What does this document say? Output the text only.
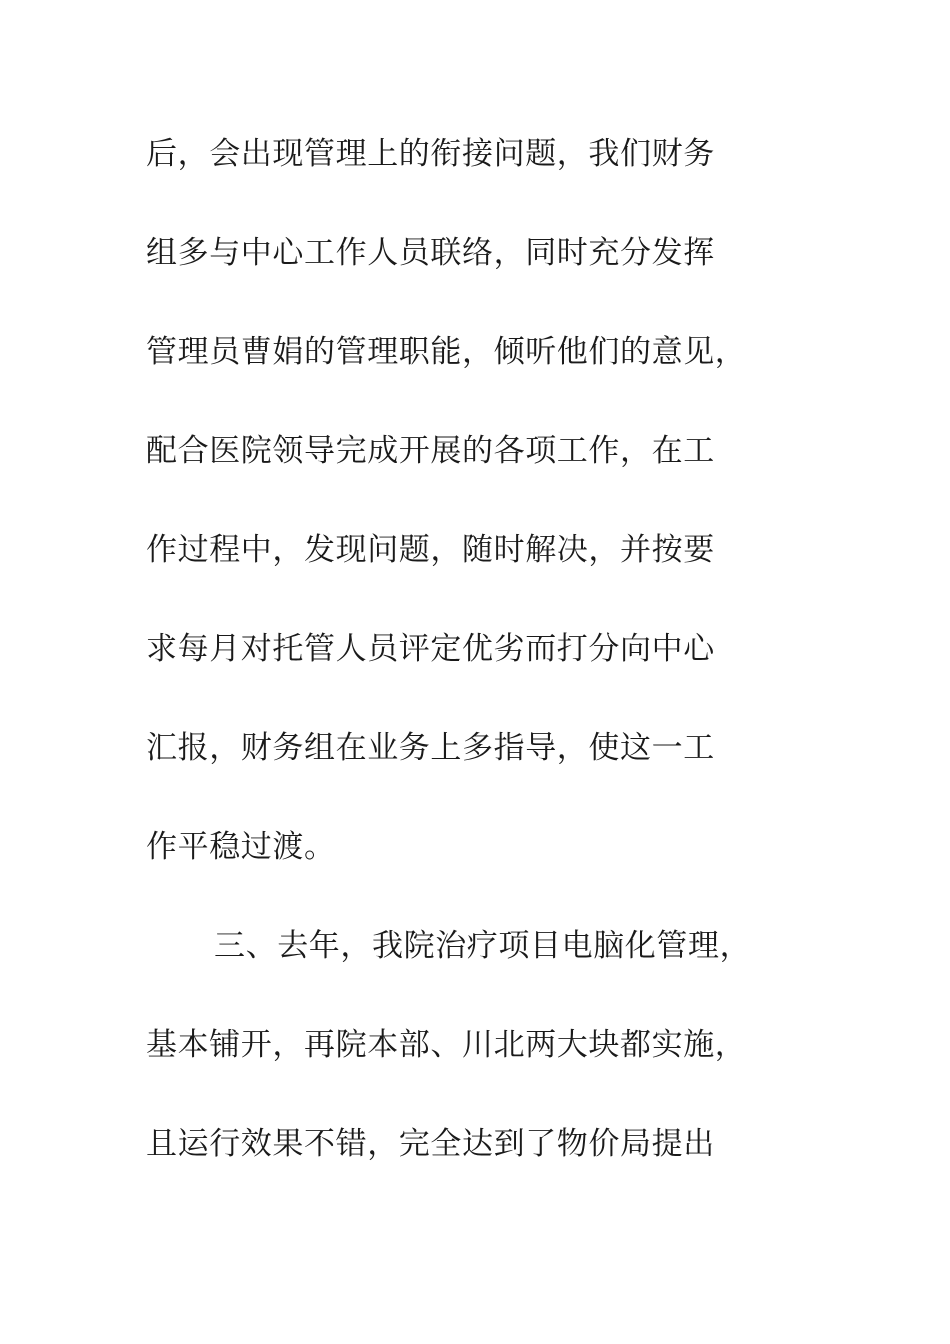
后，会出现管理上的衔接问题，我们财务
组多与中心工作人员联络，同时充分发挥
管理员曹娟的管理职能，倾听他们的意见，
配合医院领导完成开展的各项工作，在工
作过程中，发现问题，随时解决，并按要
求每月对托管人员评定优劣而打分向中心
汇报，财务组在业务上多指导，使这一工
作平稳过渡。
三、去年，我院治疗项目电脑化管理，
基本铺开，再院本部、川北两大块都实施，
且运行效果不错，完全达到了物价局提出
